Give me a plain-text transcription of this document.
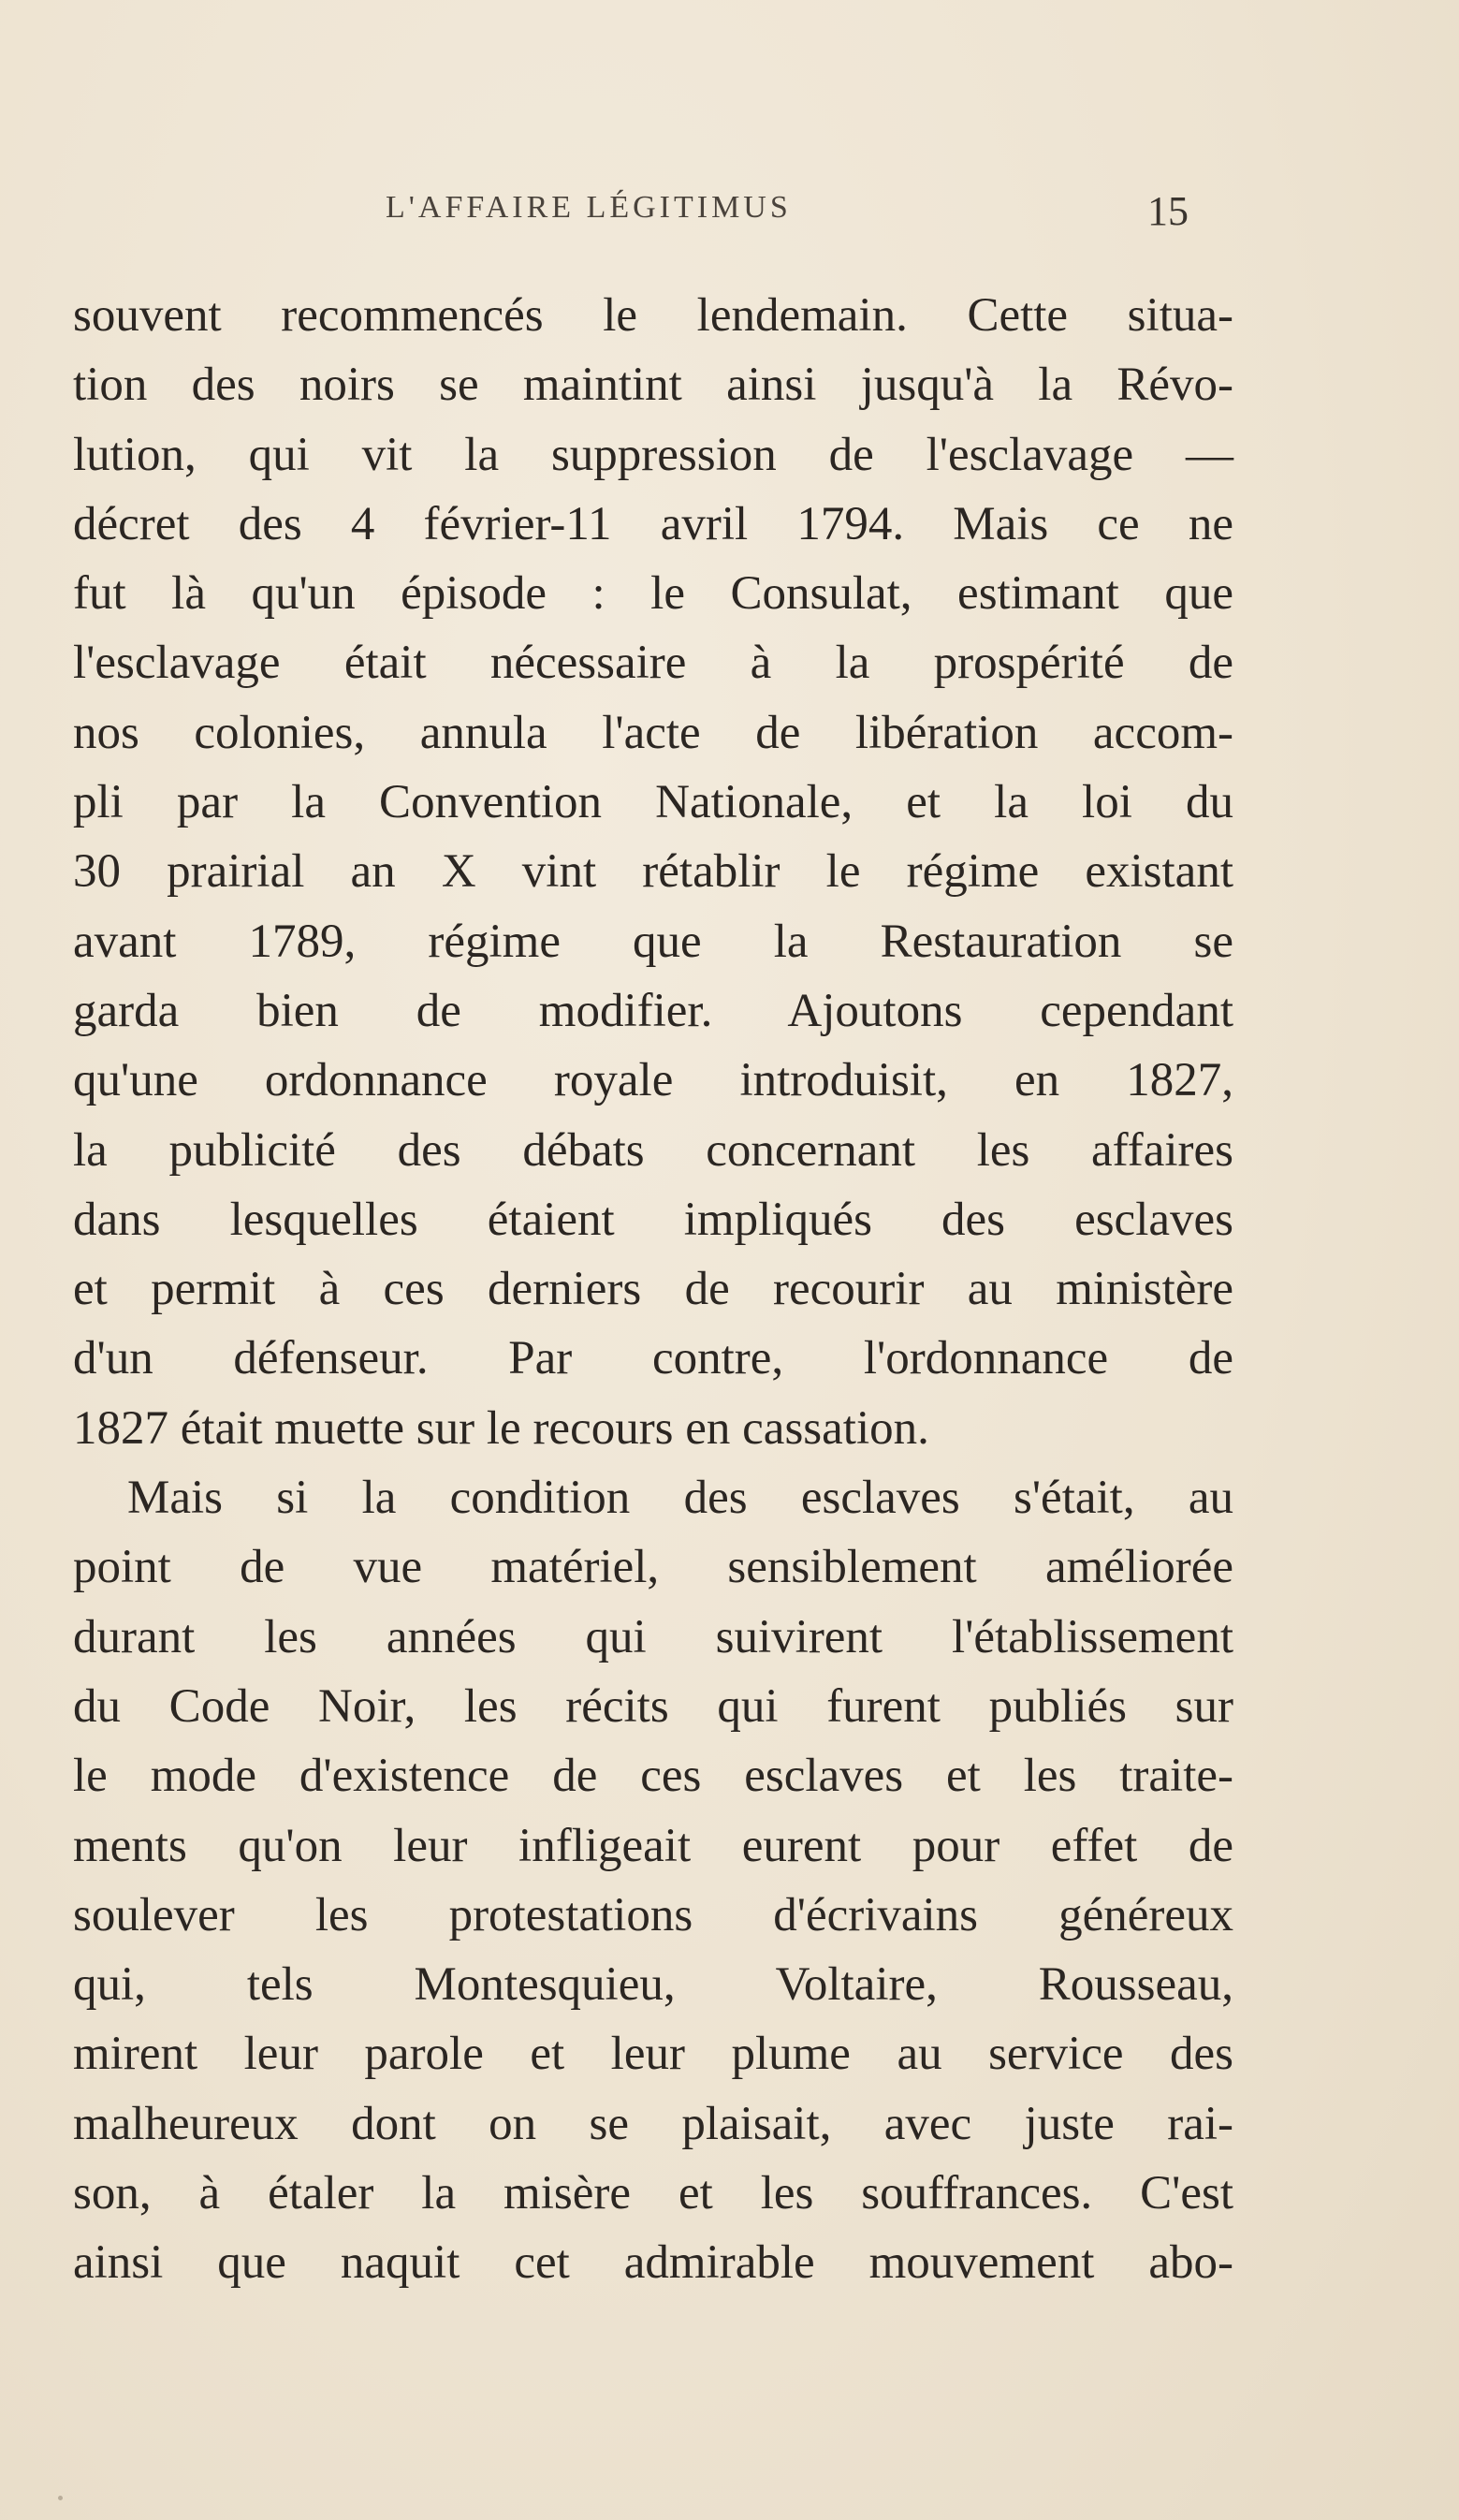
L'AFFAIRE LÉGITIMUS	15
souvent recommencés le lendemain. Cette situa-
tion des noirs se maintint ainsi jusqu'à la Révo-
lution, qui vit la suppression de l'esclavage —
décret des 4 février-11 avril 1794. Mais ce ne
fut là qu'un épisode : le Consulat, estimant que
l'esclavage était nécessaire à la prospérité de
nos colonies, annula l'acte de libération accom-
pli par la Convention Nationale, et la loi du
30 prairial an X vint rétablir le régime existant
avant 1789, régime que la Restauration se
garda bien de modifier. Ajoutons cependant
qu'une ordonnance royale introduisit, en 1827,
la publicité des débats concernant les affaires
dans lesquelles étaient impliqués des esclaves
et permit à ces derniers de recourir au ministère
d'un défenseur. Par contre, l'ordonnance de
1827 était muette sur le recours en cassation.
Mais si la condition des esclaves s'était, au
point de vue matériel, sensiblement améliorée
durant les années qui suivirent l'établissement
du Code Noir, les récits qui furent publiés sur
le mode d'existence de ces esclaves et les traite-
ments qu'on leur infligeait eurent pour effet de
soulever les protestations d'écrivains généreux
qui, tels Montesquieu, Voltaire, Rousseau,
mirent leur parole et leur plume au service des
malheureux dont on se plaisait, avec juste rai-
son, à étaler la misère et les souffrances. C'est
ainsi que naquit cet admirable mouvement abo-
